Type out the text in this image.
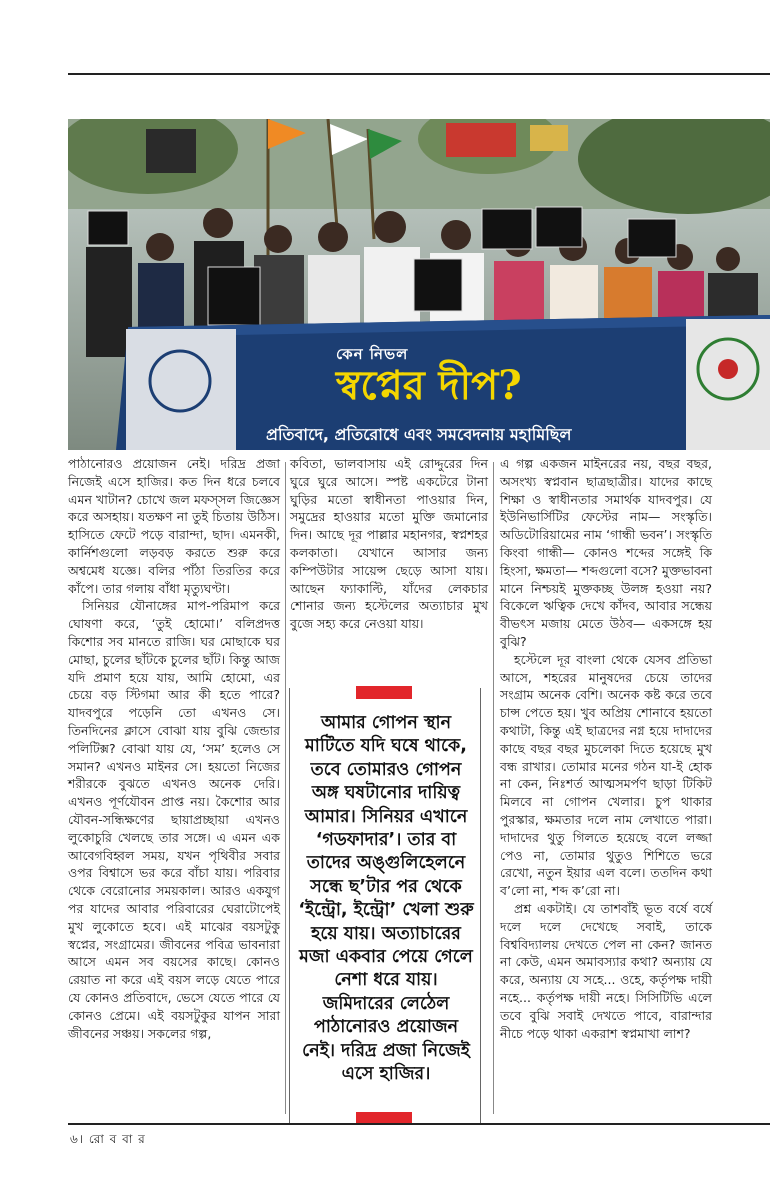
কেন নিভল
স্বপ্নের দীপ?
প্রতিবাদে, প্রতিরোধে এবং সমবেদনায় মহামিছিল

পাঠানোরও প্রয়োজন নেই। দরিদ্র প্রজা নিজেই এসে হাজির। কত দিন ধরে চলবে এমন খাটান? চোখে জল মফস্সল জিজ্ঞেস করে অসহায়। যতক্ষণ না তুই চিতায় উঠিস। হাসিতে ফেটে পড়ে বারান্দা, ছাদ। এমনকী, কার্নিশগুলো লড়বড় করতে শুরু করে অশ্বমেধ যজ্ঞে। বলির পাঁঠা তিরতির করে কাঁপে। তার গলায় বাঁধা মৃত্যুঘণ্টা।

সিনিয়র যৌনাঙ্গের মাপ-পরিমাপ করে ঘোষণা করে, ‘তুই হোমো।’ বলিপ্রদত্ত কিশোর সব মানতে রাজি। ঘর মোছাকে ঘর মোছা, চুলের ছাঁটকে চুলের ছাঁট। কিন্তু আজ যদি প্রমাণ হয়ে যায়, আমি হোমো, এর চেয়ে বড় স্টিগমা আর কী হতে পারে? যাদবপুরে পড়েনি তো এখনও সে। তিনদিনের ক্লাসে বোঝা যায় বুঝি জেন্ডার পলিটিক্স? বোঝা যায় যে, ‘সম’ হলেও সে সমান? এখনও মাইনর সে। হয়তো নিজের শরীরকে বুঝতে এখনও অনেক দেরি। এখনও পূর্ণযৌবন প্রাপ্ত নয়। কৈশোর আর যৌবন-সন্ধিক্ষণের ছায়াপ্রচ্ছায়া এখনও লুকোচুরি খেলছে তার সঙ্গে। এ এমন এক আবেগবিহ্বল সময়, যখন পৃথিবীর সবার ওপর বিশ্বাসে ভর করে বাঁচা যায়। পরিবার থেকে বেরোনোর সময়কাল। আরও একযুগ পর যাদের আবার পরিবারের ঘেরাটোপেই মুখ লুকোতে হবে। এই মাঝের বয়সটুকু স্বপ্নের, সংগ্রামের। জীবনের পবিত্র ভাবনারা আসে এমন সব বয়সের কাছে। কোনও রেয়াত না করে এই বয়স লড়ে যেতে পারে যে কোনও প্রতিবাদে, ভেসে যেতে পারে যে কোনও প্রেমে। এই বয়সটুকুর যাপন সারা জীবনের সঞ্চয়। সকলের গল্প,

কবিতা, ভালবাসায় এই রোদ্দুরের দিন ঘুরে ঘুরে আসে। স্পষ্ট একটেরে টানা ঘুড়ির মতো স্বাধীনতা পাওয়ার দিন, সমুদ্রের হাওয়ার মতো মুক্তি জমানোর দিন। আছে দূর পাল্লার মহানগর, স্বপ্নশহর কলকাতা। যেখানে আসার জন্য কম্পিউটার সায়েন্স ছেড়ে আসা যায়। আছেন ফ্যাকাল্টি, যাঁদের লেকচার শোনার জন্য হস্টেলের অত্যাচার মুখ বুজে সহ্য করে নেওয়া যায়।

এ গল্প একজন মাইনরের নয়, বছর বছর, অসংখ্য স্বপ্নবান ছাত্রছাত্রীর। যাদের কাছে শিক্ষা ও স্বাধীনতার সমার্থক যাদবপুর। যে ইউনিভার্সিটির ফেস্টের নাম— সংস্কৃতি। অডিটোরিয়ামের নাম ‘গান্ধী ভবন’। সংস্কৃতি কিংবা গান্ধী— কোনও শব্দের সঙ্গেই কি হিংসা, ক্ষমতা— শব্দগুলো বসে? মুক্তভাবনা মানে নিশ্চয়ই মুক্তকচ্ছ উলঙ্গ হওয়া নয়? বিকেলে ঋত্বিক দেখে কাঁদব, আবার সন্ধেয় বীভৎস মজায় মেতে উঠব— একসঙ্গে হয় বুঝি?

হস্টেলে দূর বাংলা থেকে যেসব প্রতিভা আসে, শহরের মানুষদের চেয়ে তাদের সংগ্রাম অনেক বেশি। অনেক কষ্ট করে তবে চান্স পেতে হয়। খুব অপ্রিয় শোনাবে হয়তো কথাটা, কিন্তু এই ছাত্রদের নগ্ন হয়ে দাদাদের কাছে বছর বছর মুচলেকা দিতে হয়েছে মুখ বন্ধ রাখার। তোমার মনের গঠন যা-ই হোক না কেন, নিঃশর্ত আত্মসমর্পণ ছাড়া টিকিট মিলবে না গোপন খেলার। চুপ থাকার পুরস্কার, ক্ষমতার দলে নাম লেখাতে পারা। দাদাদের থুতু গিলতে হয়েছে বলে লজ্জা পেও না, তোমার থুতুও শিশিতে ভরে রেখো, নতুন ইয়ার এল বলে। ততদিন কথা ব’লো না, শব্দ ক’রো না।

প্রশ্ন একটাই। যে তাশবাঁই ভূত বর্ষে বর্ষে দলে দলে দেখেছে সবাই, তাকে বিশ্ববিদ্যালয় দেখতে পেল না কেন? জানত না কেউ, এমন অমাবস্যার কথা? অন্যায় যে করে, অন্যায় যে সহে... ওহে, কর্তৃপক্ষ দায়ী নহে... কর্তৃপক্ষ দায়ী নহে। সিসিটিভি এলে তবে বুঝি সবাই দেখতে পাবে, বারান্দার নীচে পড়ে থাকা একরাশ স্বপ্নমাখা লাশ?

আমার গোপন স্থান মাটিতে যদি ঘষে থাকে, তবে তোমারও গোপন অঙ্গ ঘষটানোর দায়িত্ব আমার। সিনিয়র এখানে ‘গডফাদার’। তার বা তাদের অঙ্গুলিহেলনে সন্ধে ছ’টার পর থেকে ‘ইন্ট্রো, ইন্ট্রো’ খেলা শুরু হয়ে যায়। অত্যাচারের মজা একবার পেয়ে গেলে নেশা ধরে যায়। জমিদারের লেঠেল পাঠানোরও প্রয়োজন নেই। দরিদ্র প্রজা নিজেই এসে হাজির।
৬। রো ব বা র
